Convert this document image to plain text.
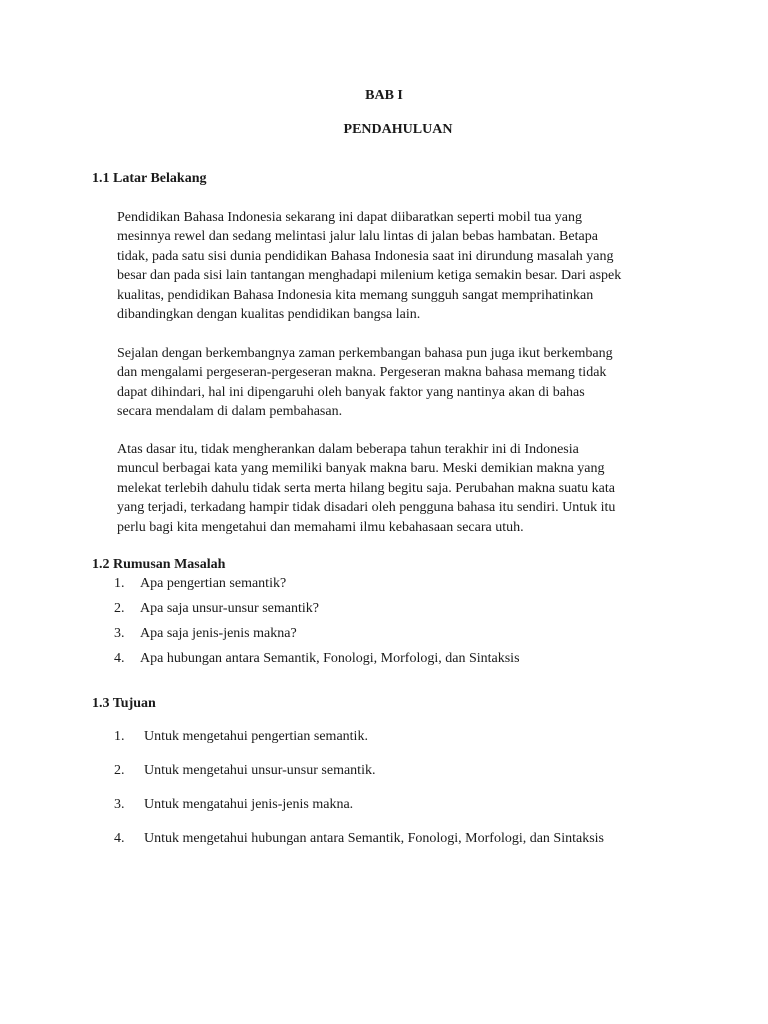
BAB I
PENDAHULUAN
1.1 Latar Belakang
Pendidikan Bahasa Indonesia sekarang ini dapat diibaratkan seperti mobil tua yang
mesinnya rewel dan sedang melintasi jalur lalu lintas di jalan bebas hambatan. Betapa
tidak, pada satu sisi dunia pendidikan Bahasa Indonesia saat ini dirundung masalah yang
besar dan pada sisi lain tantangan menghadapi milenium ketiga semakin besar. Dari aspek
kualitas, pendidikan Bahasa Indonesia kita memang sungguh sangat memprihatinkan
dibandingkan dengan kualitas pendidikan bangsa lain.
Sejalan dengan berkembangnya zaman perkembangan bahasa pun juga ikut berkembang
dan mengalami pergeseran-pergeseran makna. Pergeseran makna bahasa memang tidak
dapat dihindari, hal ini dipengaruhi oleh banyak faktor yang nantinya akan di bahas
secara mendalam di dalam pembahasan.
Atas dasar itu, tidak mengherankan dalam beberapa tahun terakhir ini di Indonesia
muncul berbagai kata yang memiliki banyak makna baru. Meski demikian makna yang
melekat terlebih dahulu tidak serta merta hilang begitu saja. Perubahan makna suatu kata
yang terjadi, terkadang hampir tidak disadari oleh pengguna bahasa itu sendiri. Untuk itu
perlu bagi kita mengetahui dan memahami ilmu kebahasaan secara utuh.
1.2 Rumusan Masalah
1. Apa pengertian semantik?
2. Apa saja unsur-unsur semantik?
3. Apa saja jenis-jenis makna?
4. Apa hubungan antara Semantik, Fonologi, Morfologi, dan Sintaksis
1.3 Tujuan
1. Untuk mengetahui pengertian semantik.
2. Untuk mengetahui unsur-unsur semantik.
3. Untuk mengatahui jenis-jenis makna.
4. Untuk mengetahui hubungan antara Semantik, Fonologi, Morfologi, dan Sintaksis
